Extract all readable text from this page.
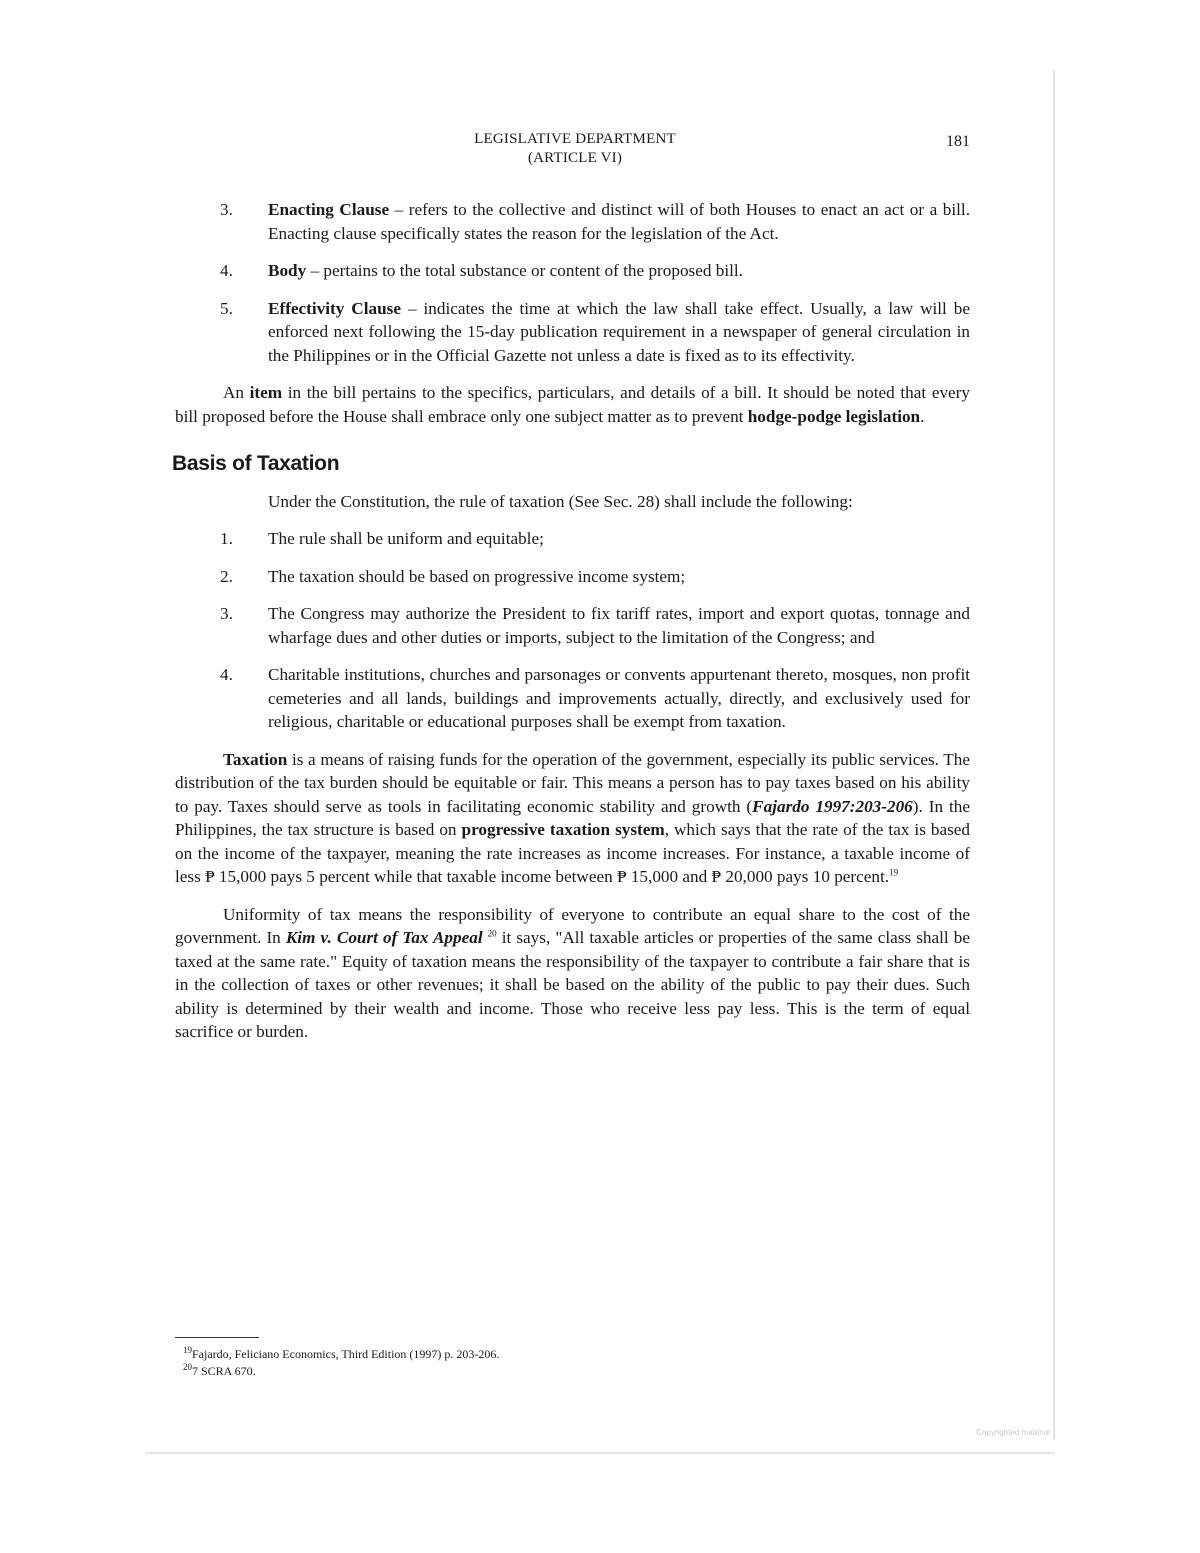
LEGISLATIVE DEPARTMENT
(ARTICLE VI)
181
3.	Enacting Clause – refers to the collective and distinct will of both Houses to enact an act or a bill. Enacting clause specifically states the reason for the legislation of the Act.
4.	Body – pertains to the total substance or content of the proposed bill.
5.	Effectivity Clause – indicates the time at which the law shall take effect. Usually, a law will be enforced next following the 15-day publication requirement in a newspaper of general circulation in the Philippines or in the Official Gazette not unless a date is fixed as to its effectivity.

An item in the bill pertains to the specifics, particulars, and details of a bill. It should be noted that every bill proposed before the House shall embrace only one subject matter as to prevent hodge-podge legislation.

Basis of Taxation
Under the Constitution, the rule of taxation (See Sec. 28) shall include the following:
1.	The rule shall be uniform and equitable;
2.	The taxation should be based on progressive income system;
3.	The Congress may authorize the President to fix tariff rates, import and export quotas, tonnage and wharfage dues and other duties or imports, subject to the limitation of the Congress; and
4.	Charitable institutions, churches and parsonages or convents appurtenant thereto, mosques, non profit cemeteries and all lands, buildings and improvements actually, directly, and exclusively used for religious, charitable or educational purposes shall be exempt from taxation.

Taxation is a means of raising funds for the operation of the government, especially its public services. The distribution of the tax burden should be equitable or fair. This means a person has to pay taxes based on his ability to pay. Taxes should serve as tools in facilitating economic stability and growth (Fajardo 1997:203-206). In the Philippines, the tax structure is based on progressive taxation system, which says that the rate of the tax is based on the income of the taxpayer, meaning the rate increases as income increases. For instance, a taxable income of less ₱ 15,000 pays 5 percent while that taxable income between ₱ 15,000 and ₱ 20,000 pays 10 percent.$^{19}$

Uniformity of tax means the responsibility of everyone to contribute an equal share to the cost of the government. In Kim v. Court of Tax Appeal $^{20}$ it says, "All taxable articles or properties of the same class shall be taxed at the same rate." Equity of taxation means the responsibility of the taxpayer to contribute a fair share that is in the collection of taxes or other revenues; it shall be based on the ability of the public to pay their dues. Such ability is determined by their wealth and income. Those who receive less pay less. This is the term of equal sacrifice or burden.

$^{19}$Fajardo, Feliciano Economics, Third Edition (1997) p. 203-206.
$^{20}$7 SCRA 670.
Copyrighted material
